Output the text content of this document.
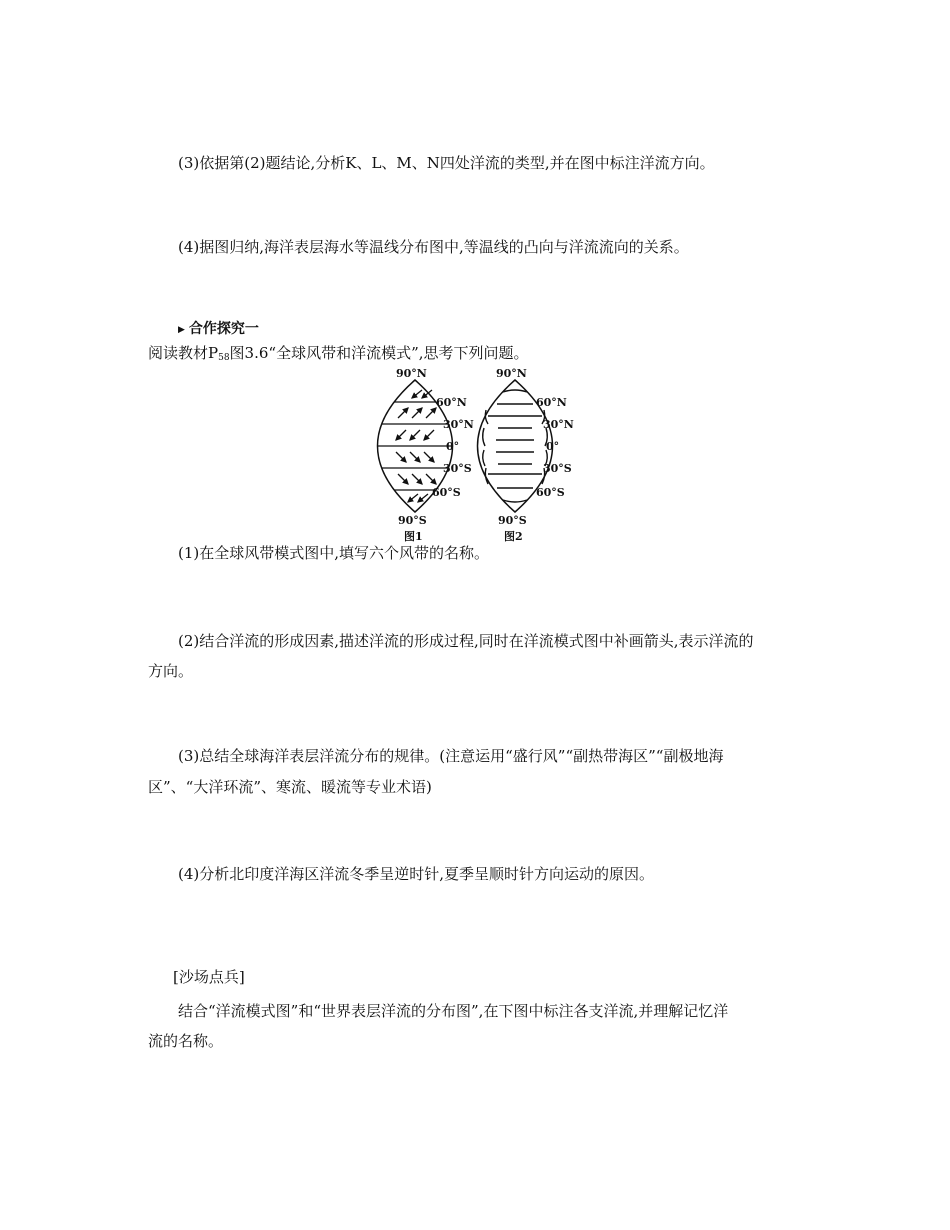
(3)依据第(2)题结论,分析K、L、M、N四处洋流的类型,并在图中标注洋流方向。
(4)据图归纳,海洋表层海水等温线分布图中,等温线的凸向与洋流流向的关系。
▶ 合作探究一
阅读教材$P_{58}$图3.6“全球风带和洋流模式”,思考下列问题。
90°N	90°N
60°N	60°N
30°N	30°N
0°	0°
30°S	30°S
60°S	60°S
90°S	90°S
图1	图2
(1)在全球风带模式图中,填写六个风带的名称。
(2)结合洋流的形成因素,描述洋流的形成过程,同时在洋流模式图中补画箭头,表示洋流的
方向。
(3)总结全球海洋表层洋流分布的规律。(注意运用“盛行风”“副热带海区”“副极地海
区”、“大洋环流”、寒流、暖流等专业术语)
(4)分析北印度洋海区洋流冬季呈逆时针,夏季呈顺时针方向运动的原因。
[沙场点兵]
结合“洋流模式图”和“世界表层洋流的分布图”,在下图中标注各支洋流,并理解记忆洋
流的名称。
